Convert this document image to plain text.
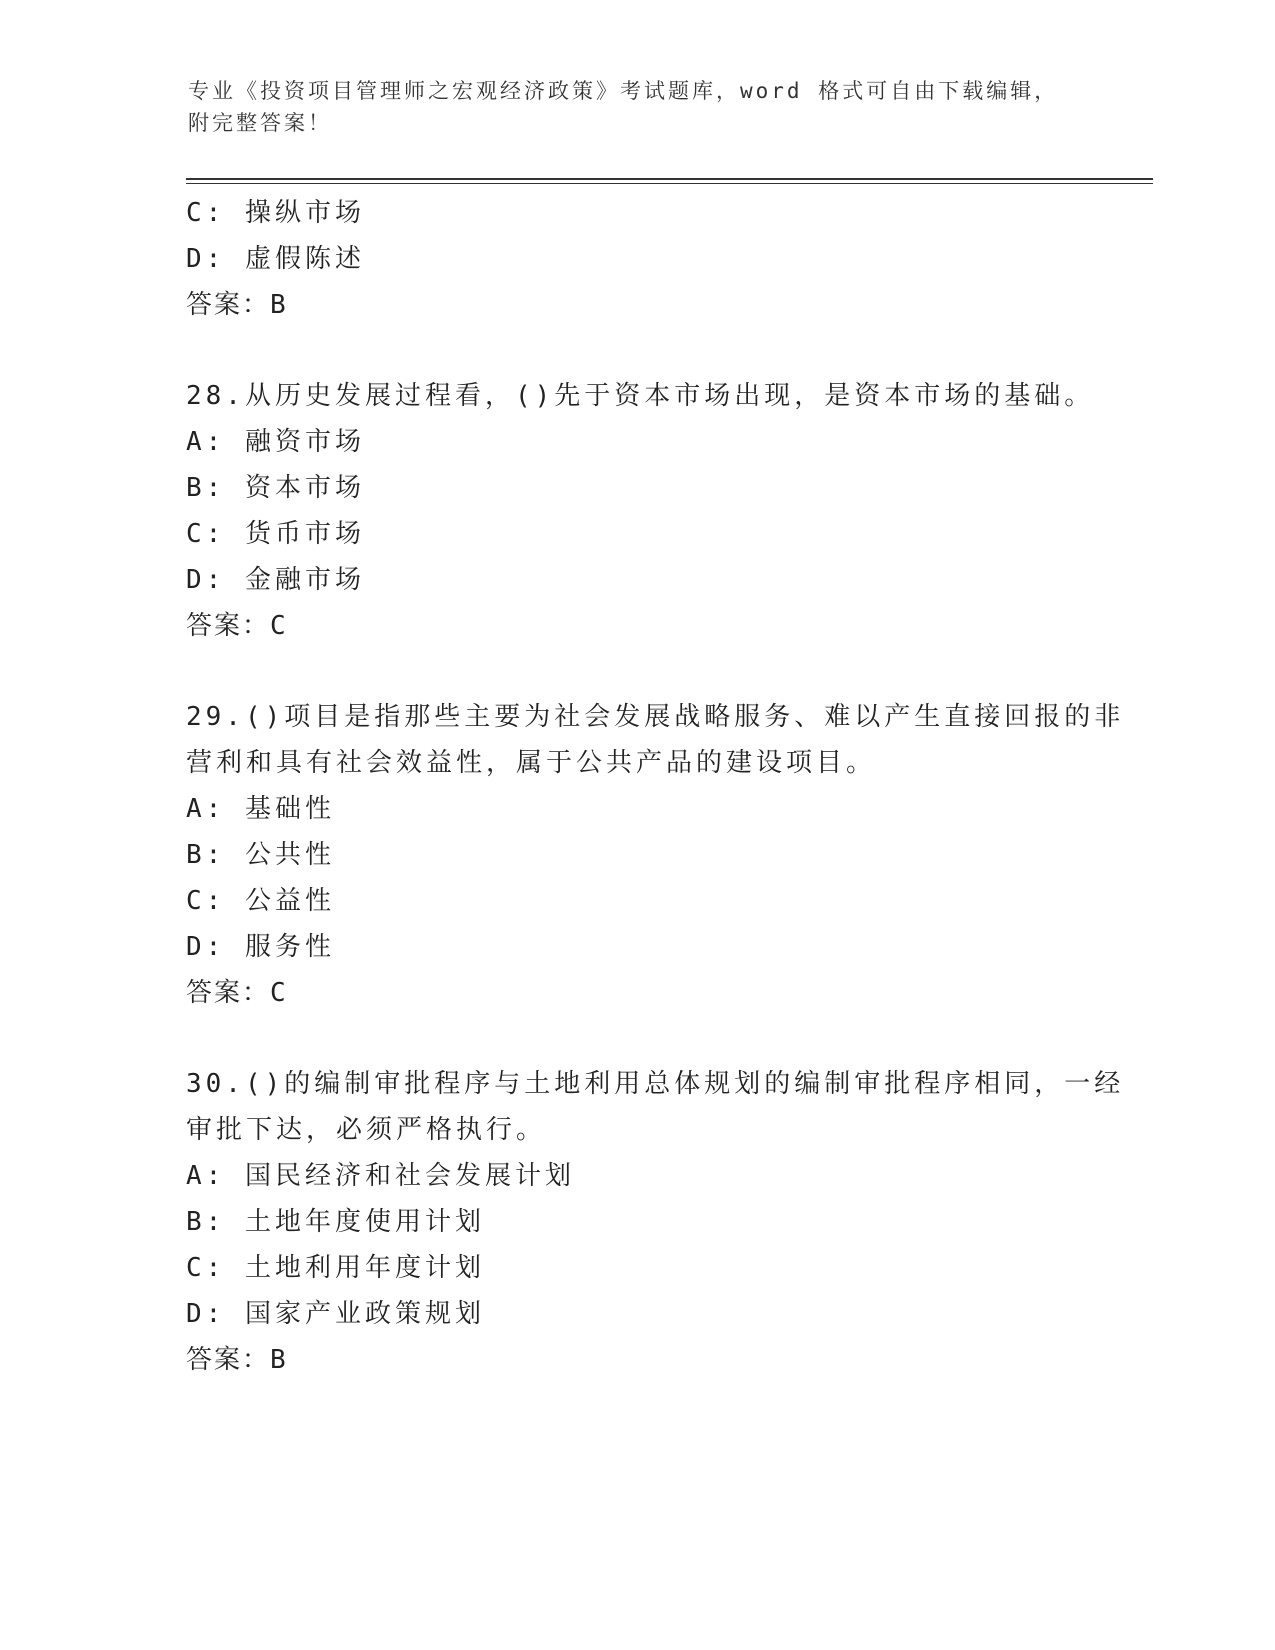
专业《投资项目管理师之宏观经济政策》考试题库，word 格式可自由下载编辑，附完整答案！
C: 操纵市场
D: 虚假陈述
答案：B
28.从历史发展过程看，()先于资本市场出现，是资本市场的基础。
A: 融资市场
B: 资本市场
C: 货币市场
D: 金融市场
答案：C
29.()项目是指那些主要为社会发展战略服务、难以产生直接回报的非
营利和具有社会效益性，属于公共产品的建设项目。
A: 基础性
B: 公共性
C: 公益性
D: 服务性
答案：C
30.()的编制审批程序与土地利用总体规划的编制审批程序相同，一经
审批下达，必须严格执行。
A: 国民经济和社会发展计划
B: 土地年度使用计划
C: 土地利用年度计划
D: 国家产业政策规划
答案：B
